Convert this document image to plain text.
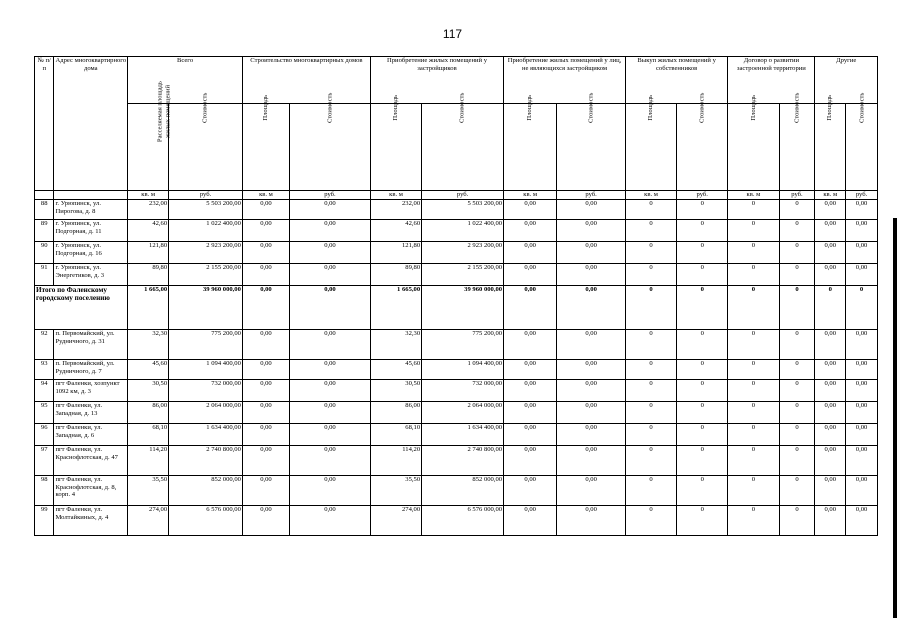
117
№ п/п	Адрес многоквартирного дома	Всего		Строительство многоквартирных домов		Приобретение жилых помещений у застройщиков		Приобретение жилых помещений у лиц, не являющихся застройщиком		Выкуп жилых помещений у собственников		Договор о развитии застроенной территории		Другие	
		Расселяемая площадь жилых помещений	Стоимость	Площадь	Стоимость	Площадь	Стоимость	Площадь	Стоимость	Площадь	Стоимость	Площадь	Стоимость	Площадь	Стоимость
		кв. м	руб.	кв. м	руб.	кв. м	руб.	кв. м	руб.	кв. м	руб.	кв. м	руб.	кв. м	руб.
88	г. Урюпинск, ул. Пирогова, д. 8	232,00	5 503 200,00	0,00	0,00	232,00	5 503 200,00	0,00	0,00	0	0	0	0	0,00	0,00
89	г. Урюпинск, ул. Подгорная, д. 11	42,60	1 022 400,00	0,00	0,00	42,60	1 022 400,00	0,00	0,00	0	0	0	0	0,00	0,00
90	г. Урюпинск, ул. Подгорная, д. 16	121,80	2 923 200,00	0,00	0,00	121,80	2 923 200,00	0,00	0,00	0	0	0	0	0,00	0,00
91	г. Урюпинск, ул. Энергетиков, д. 3	89,80	2 155 200,00	0,00	0,00	89,80	2 155 200,00	0,00	0,00	0	0	0	0	0,00	0,00
Итого по Фаленскому городскому поселению		1 665,00	39 960 000,00	0,00	0,00	1 665,00	39 960 000,00	0,00	0,00	0	0	0	0	0	0
92	п. Первомайский, ул. Рудничного, д. 31	32,30	775 200,00	0,00	0,00	32,30	775 200,00	0,00	0,00	0	0	0	0	0,00	0,00
93	п. Первомайский, ул. Рудничного, д. 7	45,60	1 094 400,00	0,00	0,00	45,60	1 094 400,00	0,00	0,00	0	0	0	0	0,00	0,00
94	пгт Фаленки, хозпункт 1092 км, д. 3	30,50	732 000,00	0,00	0,00	30,50	732 000,00	0,00	0,00	0	0	0	0	0,00	0,00
95	пгт Фаленки, ул. Западная, д. 13	86,00	2 064 000,00	0,00	0,00	86,00	2 064 000,00	0,00	0,00	0	0	0	0	0,00	0,00
96	пгт Фаленки, ул. Западная, д. 6	68,10	1 634 400,00	0,00	0,00	68,10	1 634 400,00	0,00	0,00	0	0	0	0	0,00	0,00
97	пгт Фаленки, ул. Краснофлотская, д. 47	114,20	2 740 800,00	0,00	0,00	114,20	2 740 800,00	0,00	0,00	0	0	0	0	0,00	0,00
98	пгт Фаленки, ул. Краснофлотская, д. 8, корп. 4	35,50	852 000,00	0,00	0,00	35,50	852 000,00	0,00	0,00	0	0	0	0	0,00	0,00
99	пгт Фаленки, ул. Молтайкиных, д. 4	274,00	6 576 000,00	0,00	0,00	274,00	6 576 000,00	0,00	0,00	0	0	0	0	0,00	0,00
